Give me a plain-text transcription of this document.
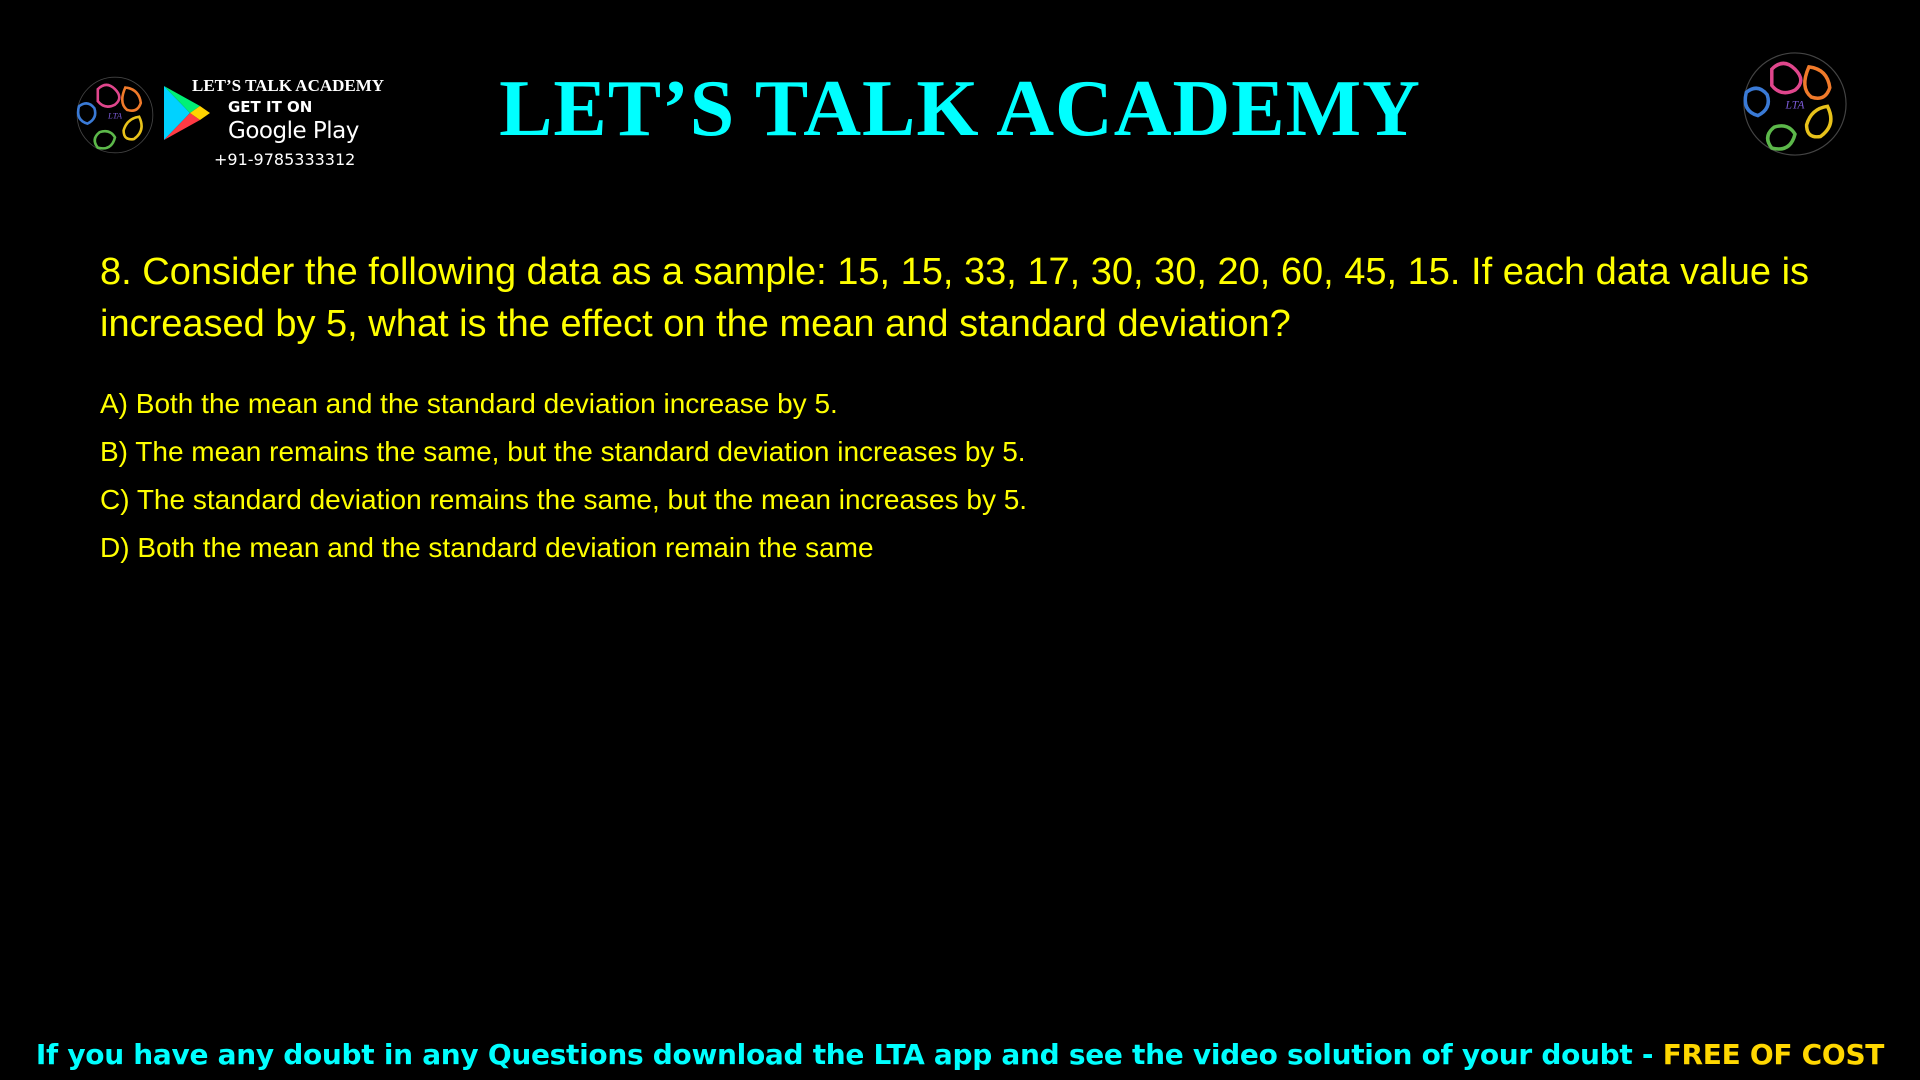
LTA
LET’S TALK ACADEMY
GET IT ON
Google Play
+91-9785333312
LET’S TALK ACADEMY	LTA

8. Consider the following data as a sample: 15, 15, 33, 17, 30, 30, 20, 60, 45, 15. If each data value is increased by 5, what is the effect on the mean and standard deviation?

A) Both the mean and the standard deviation increase by 5.
B) The mean remains the same, but the standard deviation increases by 5.
C) The standard deviation remains the same, but the mean increases by 5.
D) Both the mean and the standard deviation remain the same
If you have any doubt in any Questions download the LTA app and see the video solution of your doubt - FREE OF COST
